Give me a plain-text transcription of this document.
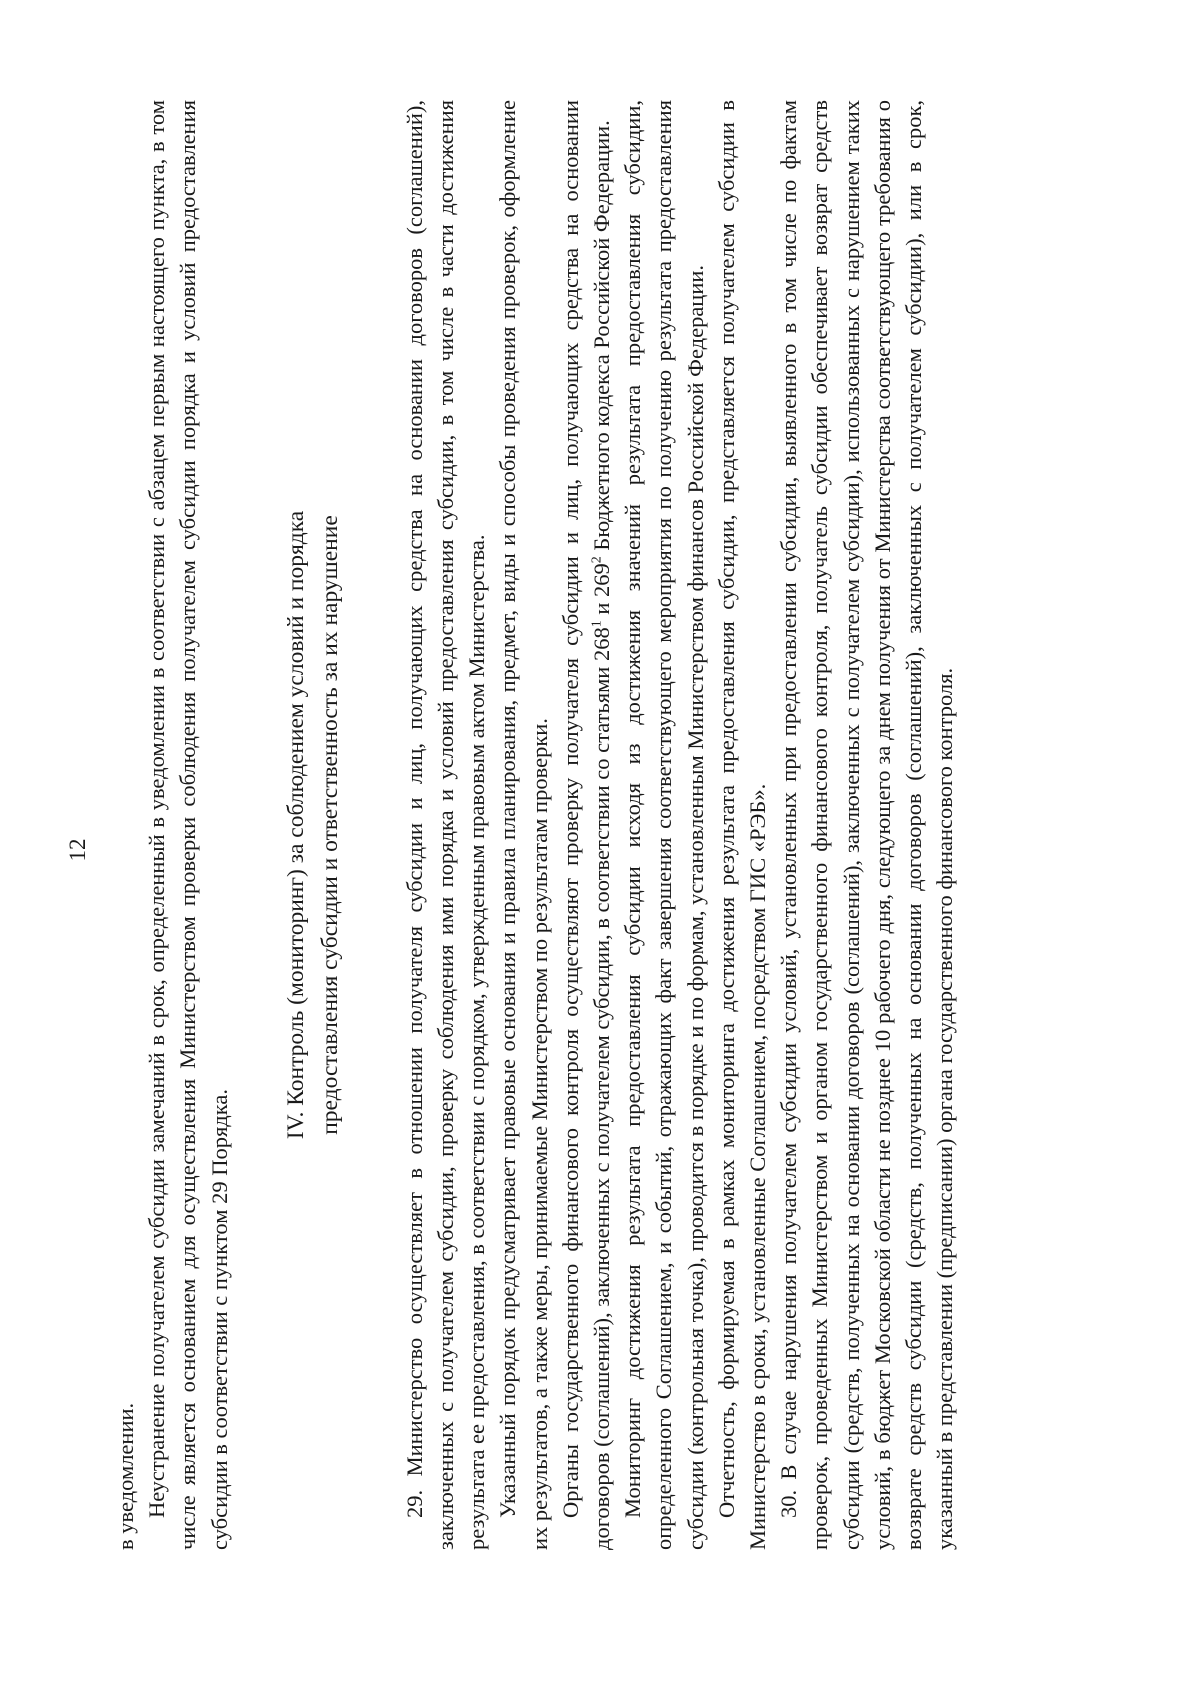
12

в уведомлении. Неустранение получателем субсидии замечаний в срок, определенный в уведомлении в соответствии с абзацем первым настоящего пункта, в том числе является основанием для осуществления Министерством проверки соблюдения получателем субсидии порядка и условий предоставления субсидии в соответствии с пунктом 29 Порядка.

IV. Контроль (мониторинг) за соблюдением условий и порядка предоставления субсидии и ответственность за их нарушение	29. Министерство осуществляет в отношении получателя субсидии и лиц, получающих средства на основании договоров (соглашений), заключенных с получателем субсидии, проверку соблюдения ими порядка и условий предоставления субсидии, в том числе в части достижения результата ее предоставления, в соответствии с порядком, утвержденным правовым актом Министерства. Указанный порядок предусматривает правовые основания и правила планирования, предмет, виды и способы проведения проверок, оформление их результатов, а также меры, принимаемые Министерством по результатам проверки. Органы государственного финансового контроля осуществляют проверку получателя субсидии и лиц, получающих средства на основании договоров (соглашений), заключенных с получателем субсидии, в соответствии со статьями $268^1$ и $269^2$ Бюджетного кодекса Российской Федерации. Мониторинг достижения результата предоставления субсидии исходя из достижения значений результата предоставления субсидии, определенного Соглашением, и событий, отражающих факт завершения соответствующего мероприятия по получению результата предоставления субсидии (контрольная точка), проводится в порядке и по формам, установленным Министерством финансов Российской Федерации. Отчетность, формируемая в рамках мониторинга достижения результата предоставления субсидии, представляется получателем субсидии в Министерство в сроки, установленные Соглашением, посредством ГИС «РЭБ». 30. В случае нарушения получателем субсидии условий, установленных при предоставлении субсидии, выявленного в том числе по фактам проверок, проведенных Министерством и органом государственного финансового контроля, получатель субсидии обеспечивает возврат средств субсидии (средств, полученных на основании договоров (соглашений), заключенных с получателем субсидии), использованных с нарушением таких условий, в бюджет Московской области не позднее 10 рабочего дня, следующего за днем получения от Министерства соответствующего требования о возврате средств субсидии (средств, полученных на основании договоров (соглашений), заключенных с получателем субсидии), или в срок, указанный в представлении (предписании) органа государственного финансового контроля.
